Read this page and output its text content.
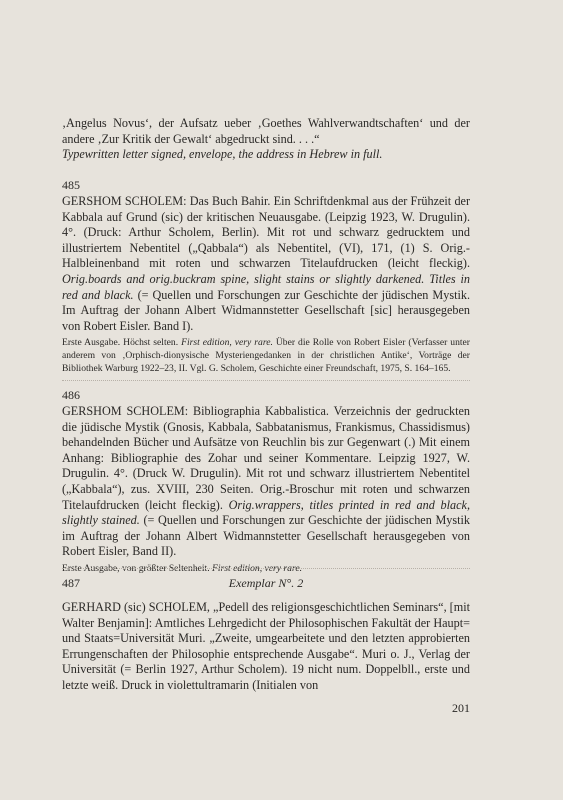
‚Angelus Novus‘, der Aufsatz ueber ‚Goethes Wahlverwandtschaften‘ und der andere ‚Zur Kritik der Gewalt‘ abgedruckt sind. . . .“

Typewritten letter signed, envelope, the address in Hebrew in full.

485

GERSHOM SCHOLEM: Das Buch Bahir. Ein Schriftdenkmal aus der Frühzeit der Kabbala auf Grund (sic) der kritischen Neuausgabe. (Leipzig 1923, W. Drugulin). 4°. (Druck: Arthur Scholem, Berlin). Mit rot und schwarz gedrucktem und illustriertem Nebentitel („Qabbala“) als Nebentitel, (VI), 171, (1) S. Orig.-Halbleinenband mit roten und schwarzen Titelaufdrucken (leicht fleckig). Orig.boards and orig.buckram spine, slight stains or slightly darkened. Titles in red and black. (= Quellen und Forschungen zur Geschichte der jüdischen Mystik. Im Auftrag der Johann Albert Widmannstetter Gesellschaft [sic] herausgegeben von Robert Eisler. Band I).

Erste Ausgabe. Höchst selten. First edition, very rare. Über die Rolle von Robert Eisler (Verfasser unter anderem von ‚Orphisch-dionysische Mysteriengedanken in der christlichen Antike‘, Vorträge der Bibliothek Warburg 1922–23, II. Vgl. G. Scholem, Geschichte einer Freundschaft, 1975, S. 164–165.

486

GERSHOM SCHOLEM: Bibliographia Kabbalistica. Verzeichnis der gedruckten die jüdische Mystik (Gnosis, Kabbala, Sabbatanismus, Frankismus, Chassidismus) behandelnden Bücher und Aufsätze von Reuchlin bis zur Gegenwart (.) Mit einem Anhang: Bibliographie des Zohar und seiner Kommentare. Leipzig 1927, W. Drugulin. 4°. (Druck W. Drugulin). Mit rot und schwarz illustriertem Nebentitel („Kabbala“), zus. XVIII, 230 Seiten. Orig.-Broschur mit roten und schwarzen Titelaufdrucken (leicht fleckig). Orig.wrappers, titles printed in red and black, slightly stained. (= Quellen und Forschungen zur Geschichte der jüdischen Mystik im Auftrag der Johann Albert Widmannstetter Gesellschaft herausgegeben von Robert Eisler, Band II).

Erste Ausgabe, von größter Seltenheit. First edition, very rare.

487	Exemplar N°. 2

GERHARD (sic) SCHOLEM, „Pedell des religionsgeschichtlichen Seminars“, [mit Walter Benjamin]: Amtliches Lehrgedicht der Philosophischen Fakultät der Haupt= und Staats=Universität Muri. „Zweite, umgearbeitete und den letzten approbierten Errungenschaften der Philosophie entsprechende Ausgabe“. Muri o. J., Verlag der Universität (= Berlin 1927, Arthur Scholem). 19 nicht num. Doppelbll., erste und letzte weiß. Druck in violettultramarin (Initialen von

201
